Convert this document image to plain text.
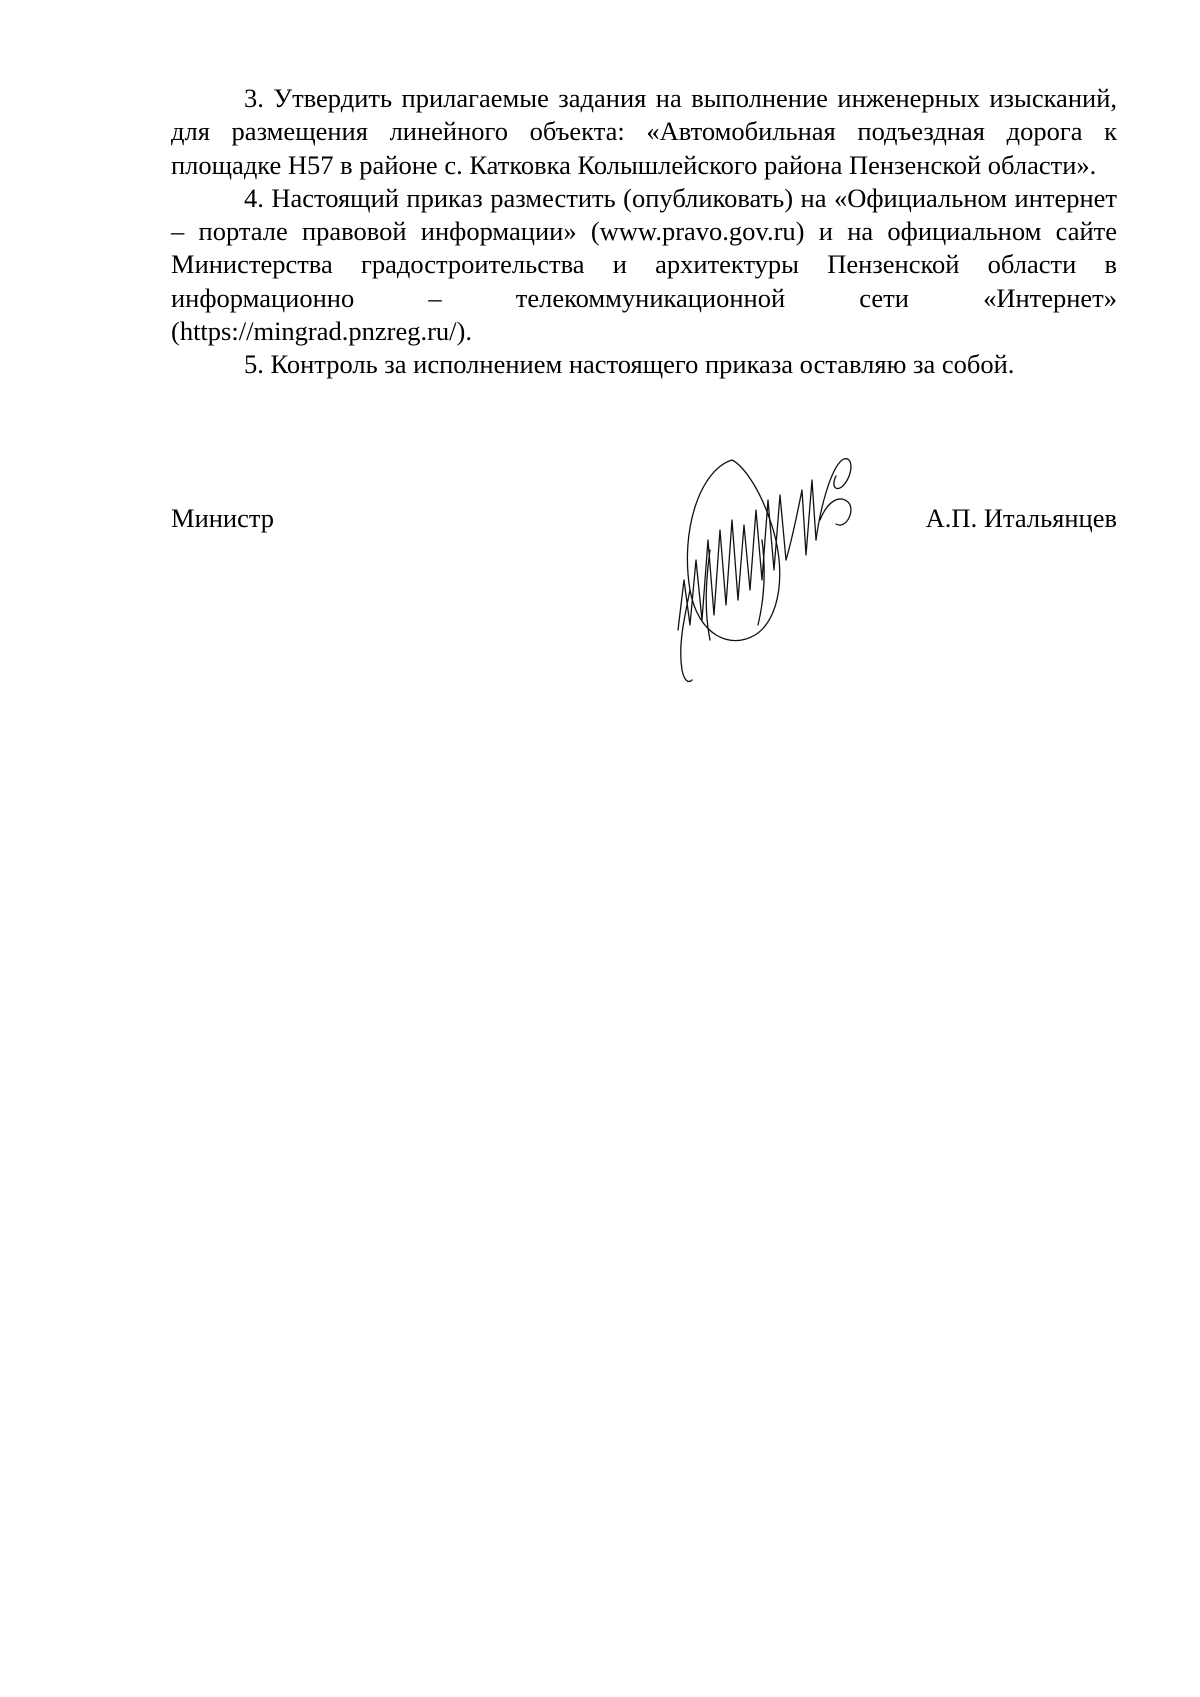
3. Утвердить прилагаемые задания на выполнение инженерных изысканий, для размещения линейного объекта: «Автомобильная подъездная дорога к площадке Н57 в районе с. Катковка Колышлейского района Пензенской области».

4. Настоящий приказ разместить (опубликовать) на «Официальном интернет – портале правовой информации» (www.pravo.gov.ru) и на официальном сайте Министерства градостроительства и архитектуры Пензенской области в информационно – телекоммуникационной сети «Интернет» (https://mingrad.pnzreg.ru/).

5. Контроль за исполнением настоящего приказа оставляю за собой.

Министр	А.П. Итальянцев
